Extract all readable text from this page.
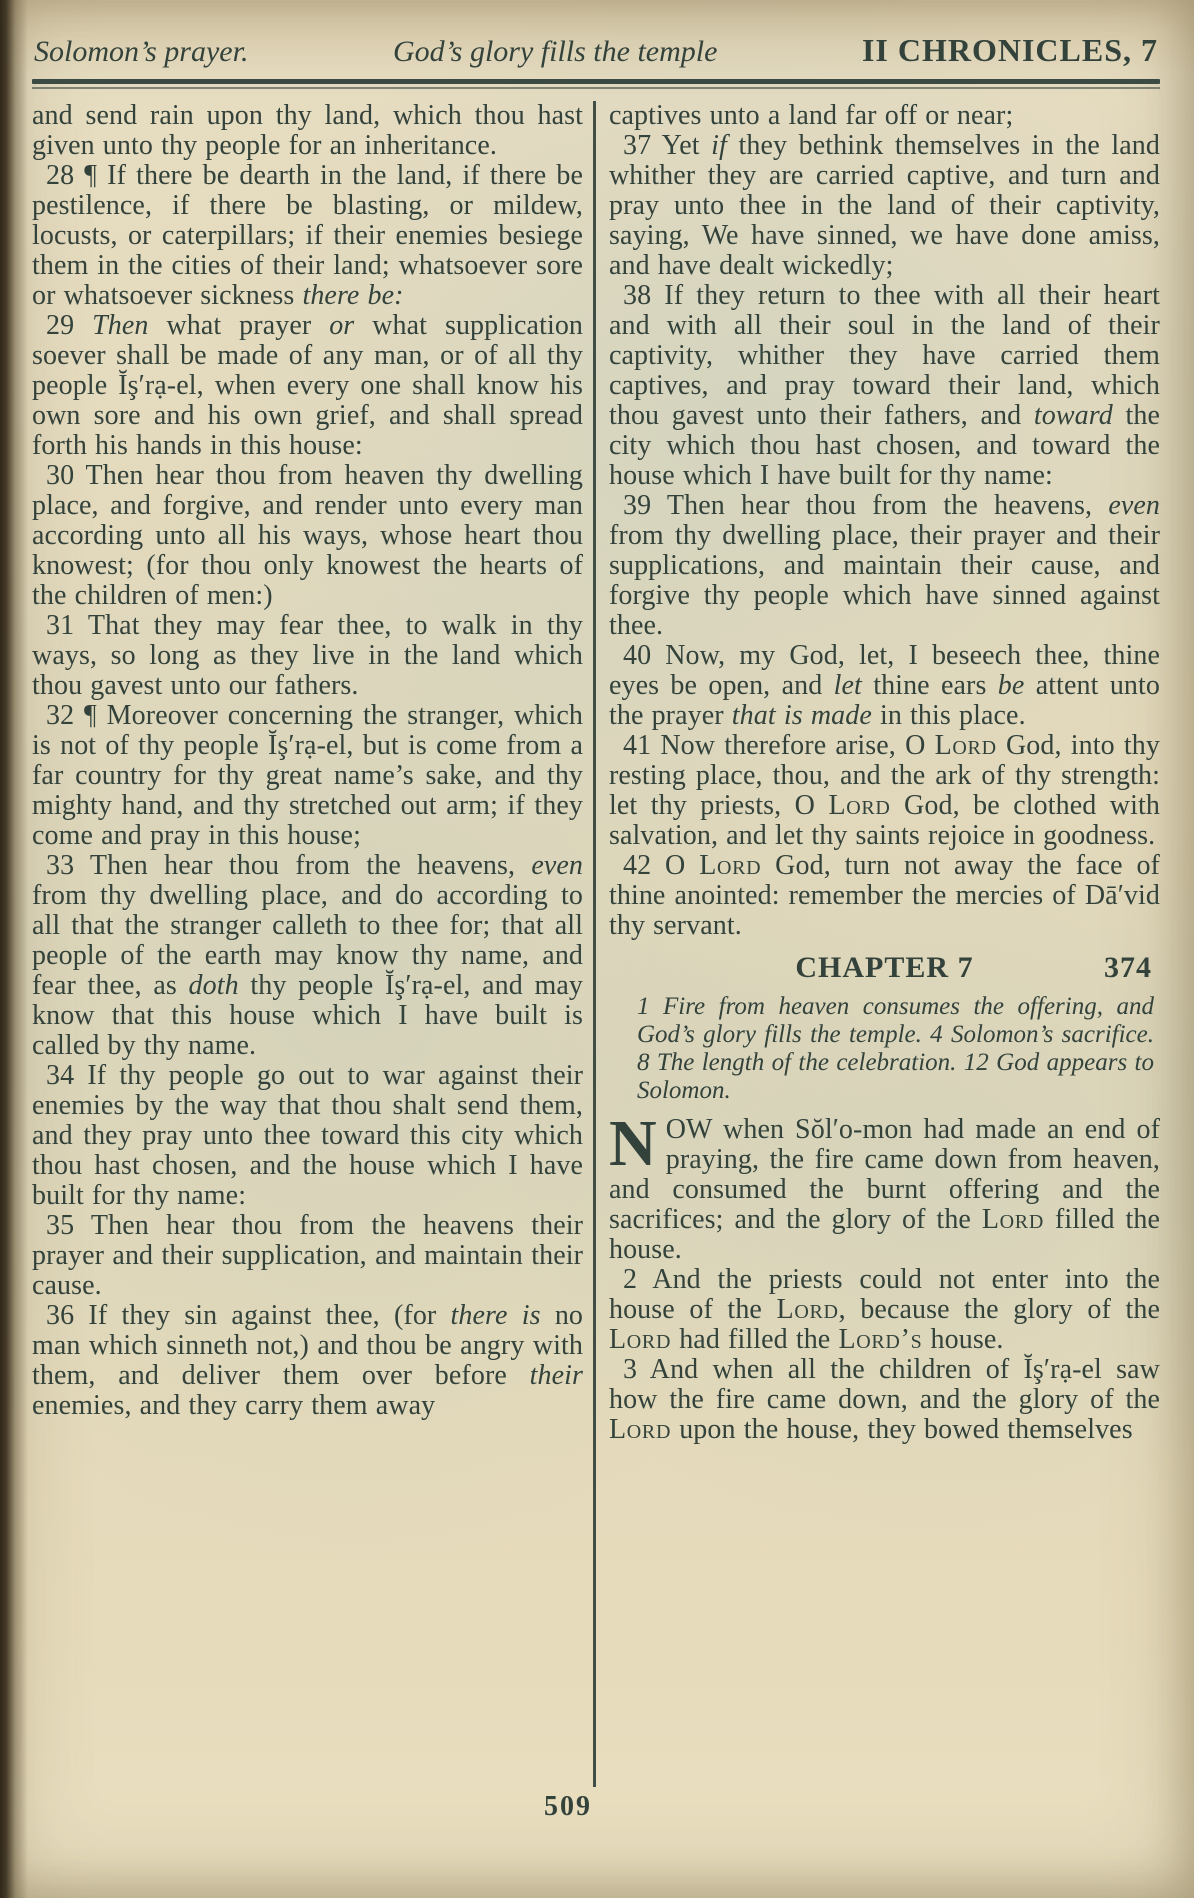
Solomon’s prayer.	God’s glory fills the temple	II CHRONICLES, 7

and send rain upon thy land, which thou hast given unto thy people for an inheritance.

28 ¶ If there be dearth in the land, if there be pestilence, if there be blasting, or mildew, locusts, or caterpillars; if their enemies besiege them in the cities of their land; whatsoever sore or whatsoever sickness there be:

29 Then what prayer or what supplication soever shall be made of any man, or of all thy people Ĭş′rạ-el, when every one shall know his own sore and his own grief, and shall spread forth his hands in this house:

30 Then hear thou from heaven thy dwelling place, and forgive, and render unto every man according unto all his ways, whose heart thou knowest; (for thou only knowest the hearts of the children of men:)

31 That they may fear thee, to walk in thy ways, so long as they live in the land which thou gavest unto our fathers.

32 ¶ Moreover concerning the stranger, which is not of thy people Ĭş′rạ-el, but is come from a far country for thy great name’s sake, and thy mighty hand, and thy stretched out arm; if they come and pray in this house;

33 Then hear thou from the heavens, even from thy dwelling place, and do according to all that the stranger calleth to thee for; that all people of the earth may know thy name, and fear thee, as doth thy people Ĭş′rạ-el, and may know that this house which I have built is called by thy name.

34 If thy people go out to war against their enemies by the way that thou shalt send them, and they pray unto thee toward this city which thou hast chosen, and the house which I have built for thy name:

35 Then hear thou from the heavens their prayer and their supplication, and maintain their cause.

36 If they sin against thee, (for there is no man which sinneth not,) and thou be angry with them, and deliver them over before their enemies, and they carry them away

captives unto a land far off or near;

37 Yet if they bethink themselves in the land whither they are carried captive, and turn and pray unto thee in the land of their captivity, saying, We have sinned, we have done amiss, and have dealt wickedly;

38 If they return to thee with all their heart and with all their soul in the land of their captivity, whither they have carried them captives, and pray toward their land, which thou gavest unto their fathers, and toward the city which thou hast chosen, and toward the house which I have built for thy name:

39 Then hear thou from the heavens, even from thy dwelling place, their prayer and their supplications, and maintain their cause, and forgive thy people which have sinned against thee.

40 Now, my God, let, I beseech thee, thine eyes be open, and let thine ears be attent unto the prayer that is made in this place.

41 Now therefore arise, O Lord God, into thy resting place, thou, and the ark of thy strength: let thy priests, O Lord God, be clothed with salvation, and let thy saints rejoice in goodness.

42 O Lord God, turn not away the face of thine anointed: remember the mercies of Dā′vid thy servant.

CHAPTER 7	374

1 Fire from heaven consumes the offering, and God’s glory fills the temple. 4 Solomon’s sacrifice. 8 The length of the celebration. 12 God appears to Solomon.

NOW when Sŏl′o-mon had made an end of praying, the fire came down from heaven, and consumed the burnt offering and the sacrifices; and the glory of the Lord filled the house.

2 And the priests could not enter into the house of the Lord, because the glory of the Lord had filled the Lord’s house.

3 And when all the children of Ĭş′rạ-el saw how the fire came down, and the glory of the Lord upon the house, they bowed themselves

509
